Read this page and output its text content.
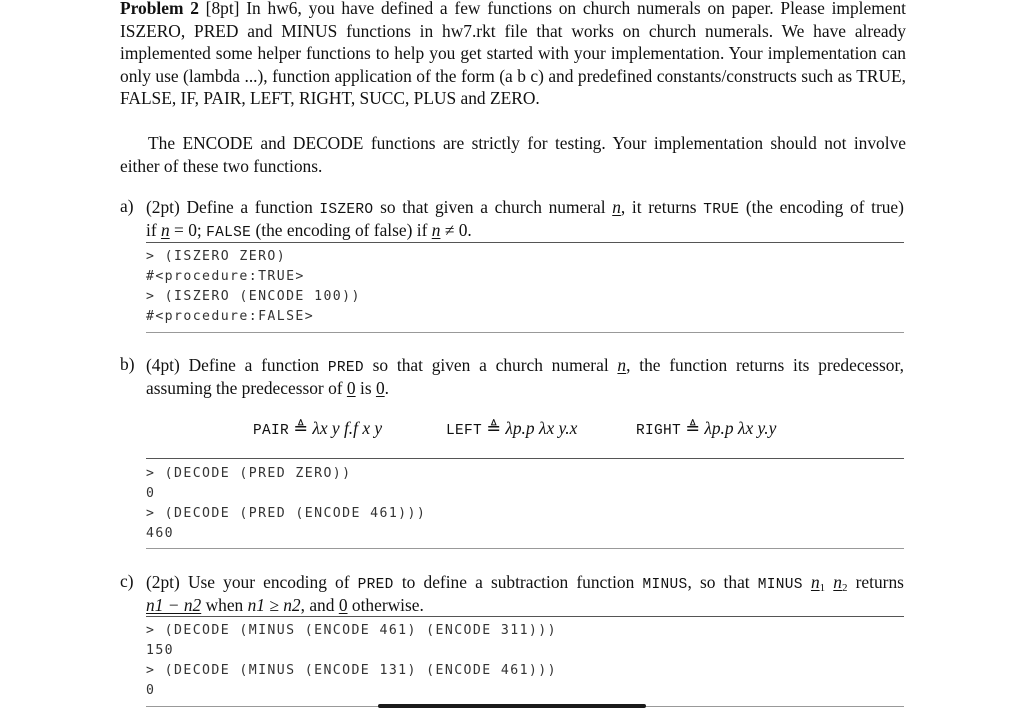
Problem 2 [8pt] In hw6, you have defined a few functions on church numerals on paper. Please implement ISZERO, PRED and MINUS functions in hw7.rkt file that works on church numerals. We have already implemented some helper functions to help you get started with your implementation. Your implementation can only use (lambda ...), function application of the form (a b c) and predefined constants/constructs such as TRUE, FALSE, IF, PAIR, LEFT, RIGHT, SUCC, PLUS and ZERO.

The ENCODE and DECODE functions are strictly for testing. Your implementation should not involve either of these two functions.

a) (2pt) Define a function ISZERO so that given a church numeral n, it returns TRUE (the encoding of true)

if n = 0; FALSE (the encoding of false) if n ≠ 0.

> (ISZERO ZERO)
#<procedure:TRUE>
> (ISZERO (ENCODE 100))
#<procedure:FALSE>
b) (4pt) Define a function PRED so that given a church numeral n, the function returns its predecessor,

assuming the predecessor of 0 is 0.

PAIR ≜ λx y f.f x y	LEFT ≜ λp.p λx y.x	RIGHT ≜ λp.p λx y.y
> (DECODE (PRED ZERO))
0
> (DECODE (PRED (ENCODE 461)))
460
c) (2pt) Use your encoding of PRED to define a subtraction function MINUS, so that MINUS $n_1$ $n_2$ returns

n1 − n2 when n1 ≥ n2, and 0 otherwise.

> (DECODE (MINUS (ENCODE 461) (ENCODE 311)))
150
> (DECODE (MINUS (ENCODE 131) (ENCODE 461)))
0
